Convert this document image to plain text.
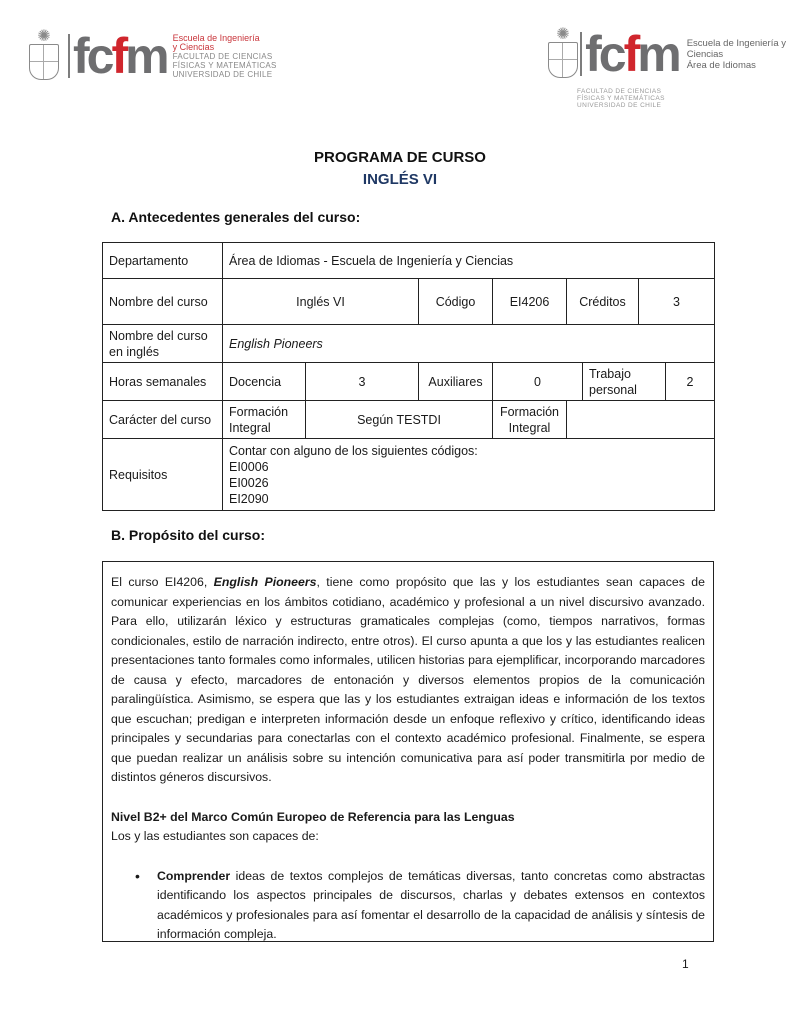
✺ fcfm Escuela de Ingeniería
y Ciencias
FACULTAD DE CIENCIAS
FÍSICAS Y MATEMÁTICAS
UNIVERSIDAD DE CHILE
✺ fcfm Escuela de Ingeniería y Ciencias
Área de Idiomas
FACULTAD DE CIENCIAS
FÍSICAS Y MATEMÁTICAS
UNIVERSIDAD DE CHILE
PROGRAMA DE CURSO
INGLÉS VI
A. Antecedentes generales del curso:
Departamento	Área de Idiomas - Escuela de Ingeniería y Ciencias							
Nombre del curso	Inglés VI		Código	EI4206	Créditos		3	
Nombre del curso en inglés	English Pioneers							
Horas semanales	Docencia	3	Auxiliares	0		Trabajo personal		2
Carácter del curso	Formación Integral	Según TESTDI		Formación Integral				
Requisitos	Contar con alguno de los siguientes códigos:
EI0006
EI0026
EI2090							
B. Propósito del curso:

El curso EI4206, English Pioneers, tiene como propósito que las y los estudiantes sean capaces de comunicar experiencias en los ámbitos cotidiano, académico y profesional a un nivel discursivo avanzado. Para ello, utilizarán léxico y estructuras gramaticales complejas (como, tiempos narrativos, formas condicionales, estilo de narración indirecto, entre otros). El curso apunta a que los y las estudiantes realicen presentaciones tanto formales como informales, utilicen historias para ejemplificar, incorporando marcadores de causa y efecto, marcadores de entonación y diversos elementos propios de la comunicación paralingüística. Asimismo, se espera que las y los estudiantes extraigan ideas e información de los textos que escuchan; predigan e interpreten información desde un enfoque reflexivo y crítico, identificando ideas principales y secundarias para conectarlas con el contexto académico profesional. Finalmente, se espera que puedan realizar un análisis sobre su intención comunicativa para así poder transmitirla por medio de distintos géneros discursivos.

Nivel B2+ del Marco Común Europeo de Referencia para las Lenguas

Los y las estudiantes son capaces de:

•	Comprender ideas de textos complejos de temáticas diversas, tanto concretas como abstractas identificando los aspectos principales de discursos, charlas y debates extensos en contextos académicos y profesionales para así fomentar el desarrollo de la capacidad de análisis y síntesis de información compleja.
1
